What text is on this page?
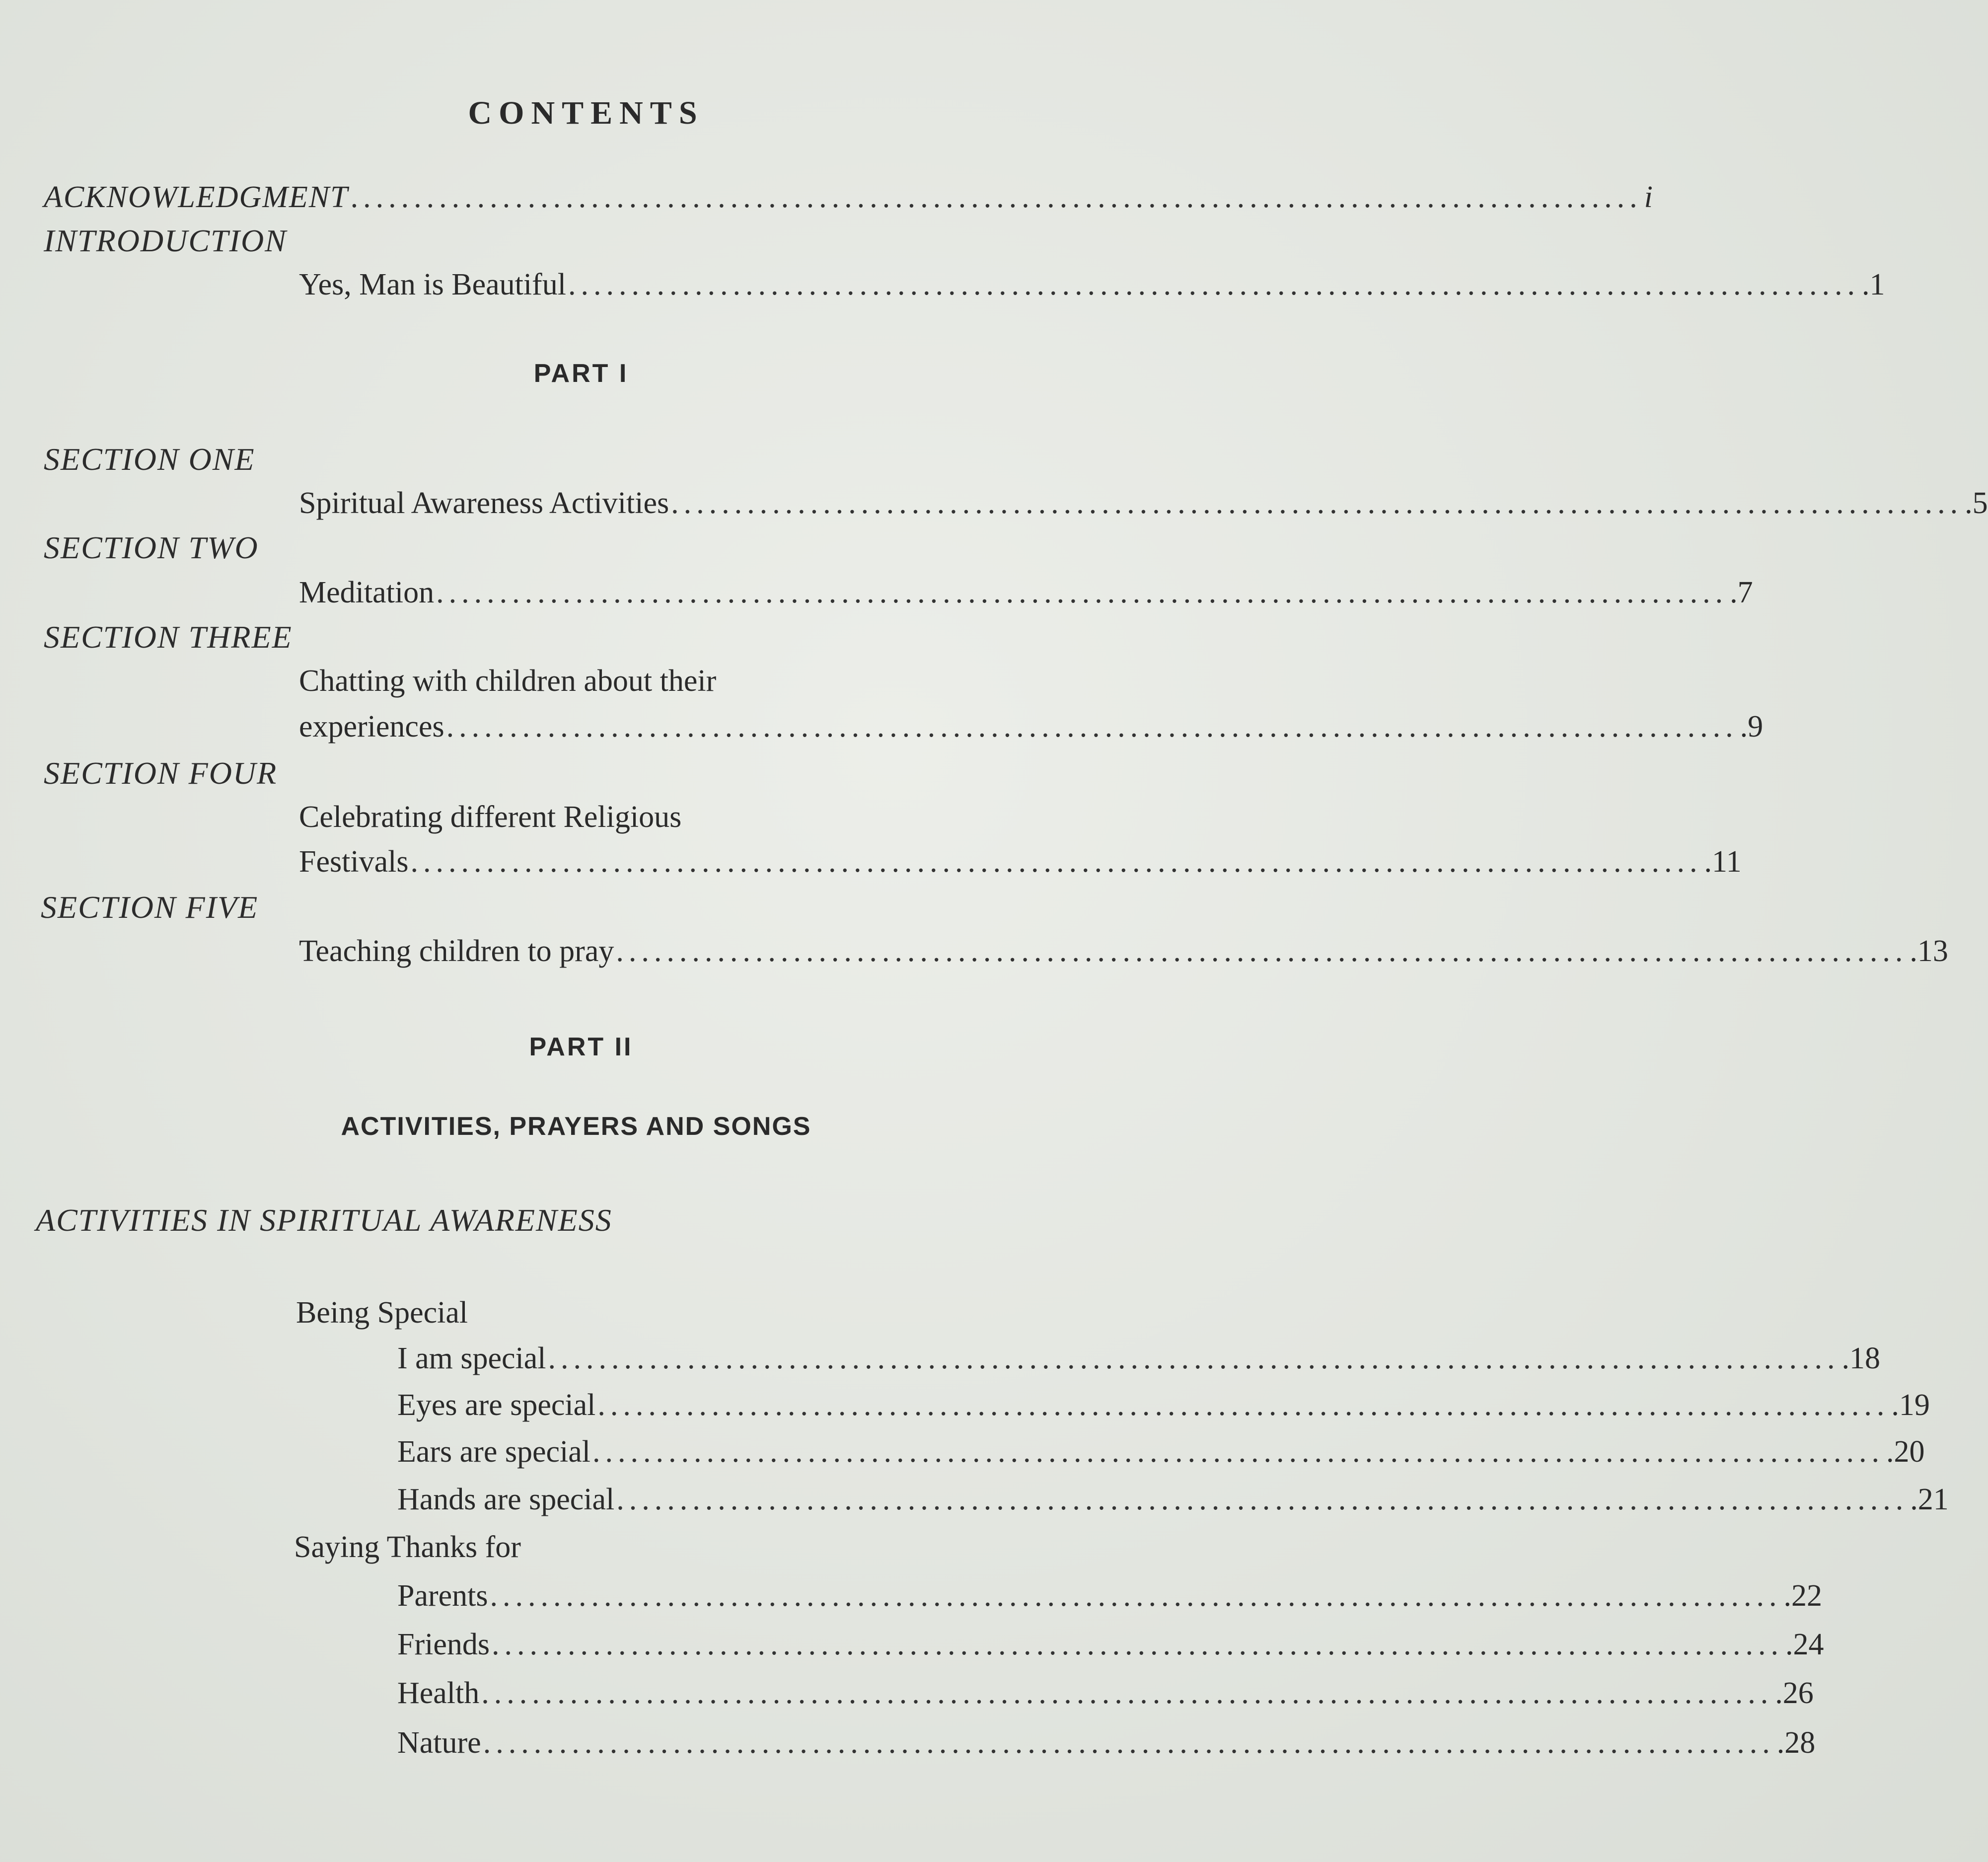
CONTENTS
ACKNOWLEDGMENT ...................................................................................................... i
INTRODUCTION
Yes, Man is Beautiful ...................................................................................................... .1
PART I
SECTION ONE
Spiritual Awareness Activities ...................................................................................................... .5
SECTION TWO
Meditation ...................................................................................................... .7
SECTION THREE
Chatting with children about their
experiences ...................................................................................................... .9
SECTION FOUR
Celebrating different Religious
Festivals ...................................................................................................... .11
SECTION FIVE
Teaching children to pray ...................................................................................................... .13
PART II
ACTIVITIES, PRAYERS AND SONGS
ACTIVITIES IN SPIRITUAL AWARENESS
Being Special
I am special ...................................................................................................... .18
Eyes are special ...................................................................................................... .19
Ears are special ...................................................................................................... .20
Hands are special ...................................................................................................... .21
Saying Thanks for
Parents ...................................................................................................... .22
Friends ...................................................................................................... .24
Health ...................................................................................................... .26
Nature ...................................................................................................... .28
